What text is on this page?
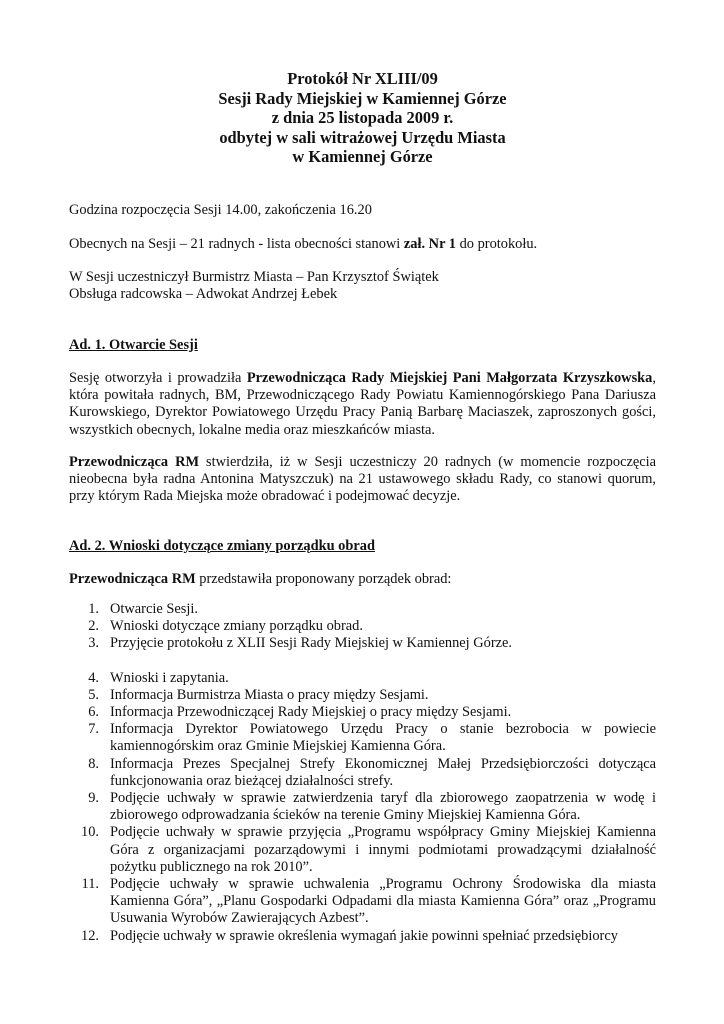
Protokół Nr XLIII/09
Sesji Rady Miejskiej w Kamiennej Górze
z dnia 25 listopada 2009 r.
odbytej w sali witrażowej Urzędu Miasta
w Kamiennej Górze

Godzina rozpoczęcia Sesji 14.00, zakończenia 16.20

Obecnych na Sesji – 21 radnych - lista obecności stanowi zał. Nr 1 do protokołu.

W Sesji uczestniczył Burmistrz Miasta – Pan Krzysztof Świątek
Obsługa radcowska – Adwokat Andrzej Łebek

Ad. 1. Otwarcie Sesji

Sesję otworzyła i prowadziła Przewodnicząca Rady Miejskiej Pani Małgorzata Krzyszkowska, która powitała radnych, BM, Przewodniczącego Rady Powiatu Kamiennogórskiego Pana Dariusza Kurowskiego, Dyrektor Powiatowego Urzędu Pracy Panią Barbarę Maciaszek, zaproszonych gości, wszystkich obecnych, lokalne media oraz mieszkańców miasta.

Przewodnicząca RM stwierdziła, iż w Sesji uczestniczy 20 radnych (w momencie rozpoczęcia nieobecna była radna Antonina Matyszczuk) na 21 ustawowego składu Rady, co stanowi quorum, przy którym Rada Miejska może obradować i podejmować decyzje.

Ad. 2. Wnioski dotyczące zmiany porządku obrad

Przewodnicząca RM przedstawiła proponowany porządek obrad:

1. Otwarcie Sesji.
2. Wnioski dotyczące zmiany porządku obrad.
3. Przyjęcie protokołu z XLII Sesji Rady Miejskiej w Kamiennej Górze.
4. Wnioski i zapytania.
5. Informacja Burmistrza Miasta o pracy między Sesjami.
6. Informacja Przewodniczącej Rady Miejskiej o pracy między Sesjami.
7. Informacja Dyrektor Powiatowego Urzędu Pracy o stanie bezrobocia w powiecie kamiennogórskim oraz Gminie Miejskiej Kamienna Góra.
8. Informacja Prezes Specjalnej Strefy Ekonomicznej Małej Przedsiębiorczości dotycząca funkcjonowania oraz bieżącej działalności strefy.
9. Podjęcie uchwały w sprawie zatwierdzenia taryf dla zbiorowego zaopatrzenia w wodę i zbiorowego odprowadzania ścieków na terenie Gminy Miejskiej Kamienna Góra.
10. Podjęcie uchwały w sprawie przyjęcia „Programu współpracy Gminy Miejskiej Kamienna Góra z organizacjami pozarządowymi i innymi podmiotami prowadzącymi działalność pożytku publicznego na rok 2010”.
11. Podjęcie uchwały w sprawie uchwalenia „Programu Ochrony Środowiska dla miasta Kamienna Góra”, „Planu Gospodarki Odpadami dla miasta Kamienna Góra” oraz „Programu Usuwania Wyrobów Zawierających Azbest”.
12. Podjęcie uchwały w sprawie określenia wymagań jakie powinni spełniać przedsiębiorcy
